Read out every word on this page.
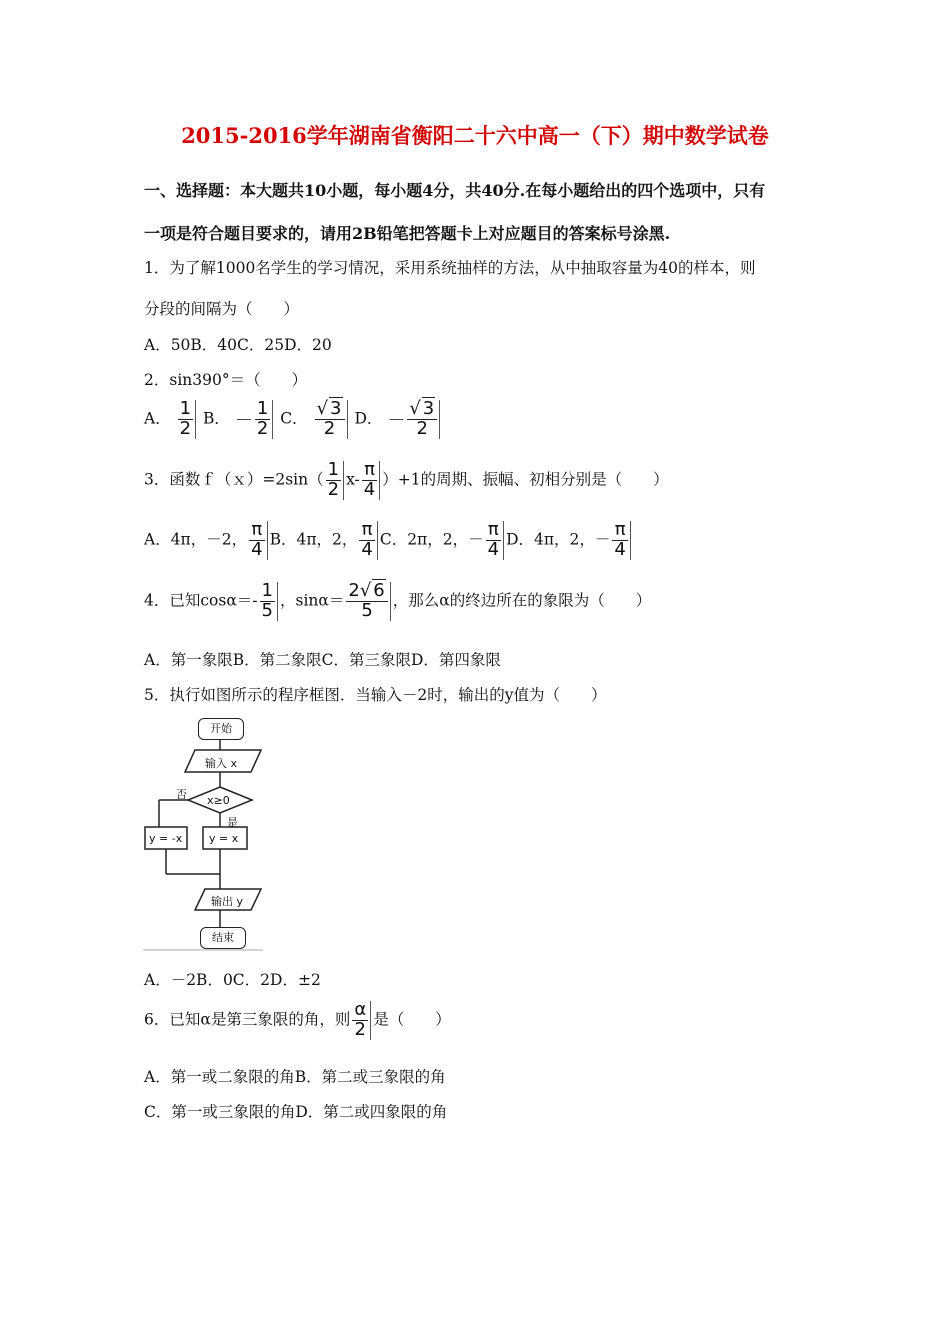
2015-2016学年湖南省衡阳二十六中高一（下）期中数学试卷
一、选择题：本大题共10小题，每小题4分，共40分.在每小题给出的四个选项中，只有
一项是符合题目要求的，请用2B铅笔把答题卡上对应题目的答案标号涂黑.
1．为了解1000名学生的学习情况，采用系统抽样的方法，从中抽取容量为40的样本，则
分段的间隔为（　　）
A．50B．40C．25D．20
2．sin390°＝（　　）
A． $\frac{1}{2}$ B． － $\frac{1}{2}$ C． $\frac{√ 3}{2}$ D． － $\frac{√ 3}{2}$
3．函数ｆ（ｘ）=2sin（ $\frac{1}{2} x- \frac{\pi}{4} )+1$的周期、振幅、初相分别是（　　）
A．4π，－2， $\frac{\pi}{4}$ B．4π，2， $\frac{\pi}{4}$ C．2π，2，－ $\frac{\pi}{4}$ D．4π，2，－ $\frac{\pi}{4}$
4．已知$\cos\alpha=- \frac{1}{5}$ ，$\sin\alpha= \frac{2√ 6}{5}$ ，那么α的终边所在的象限为（　　）
A．第一象限B．第二象限C．第三象限D．第四象限
5．执行如图所示的程序框图．当输入－2时，输出的y值为（　　）
开始
输入 x
x≥0
否
是
y = -x y = x
输出 y
结束
A．－2B．0C．2D．±2
6．已知α是第三象限的角，则 $\frac{\alpha}{2}$ 是（　　）
A．第一或二象限的角B．第二或三象限的角
C．第一或三象限的角D．第二或四象限的角
